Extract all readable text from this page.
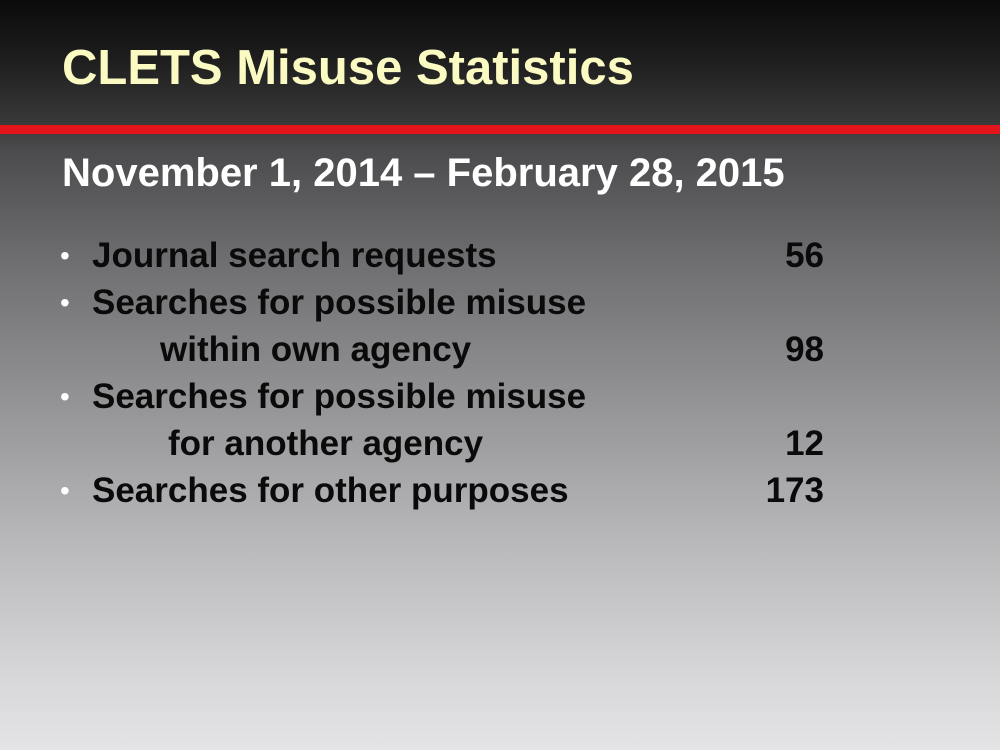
CLETS Misuse Statistics
November 1, 2014 – February 28, 2015
• Journal search requests	56
• Searches for possible misuse
within own agency	98
• Searches for possible misuse
for another agency	12
• Searches for other purposes	173
